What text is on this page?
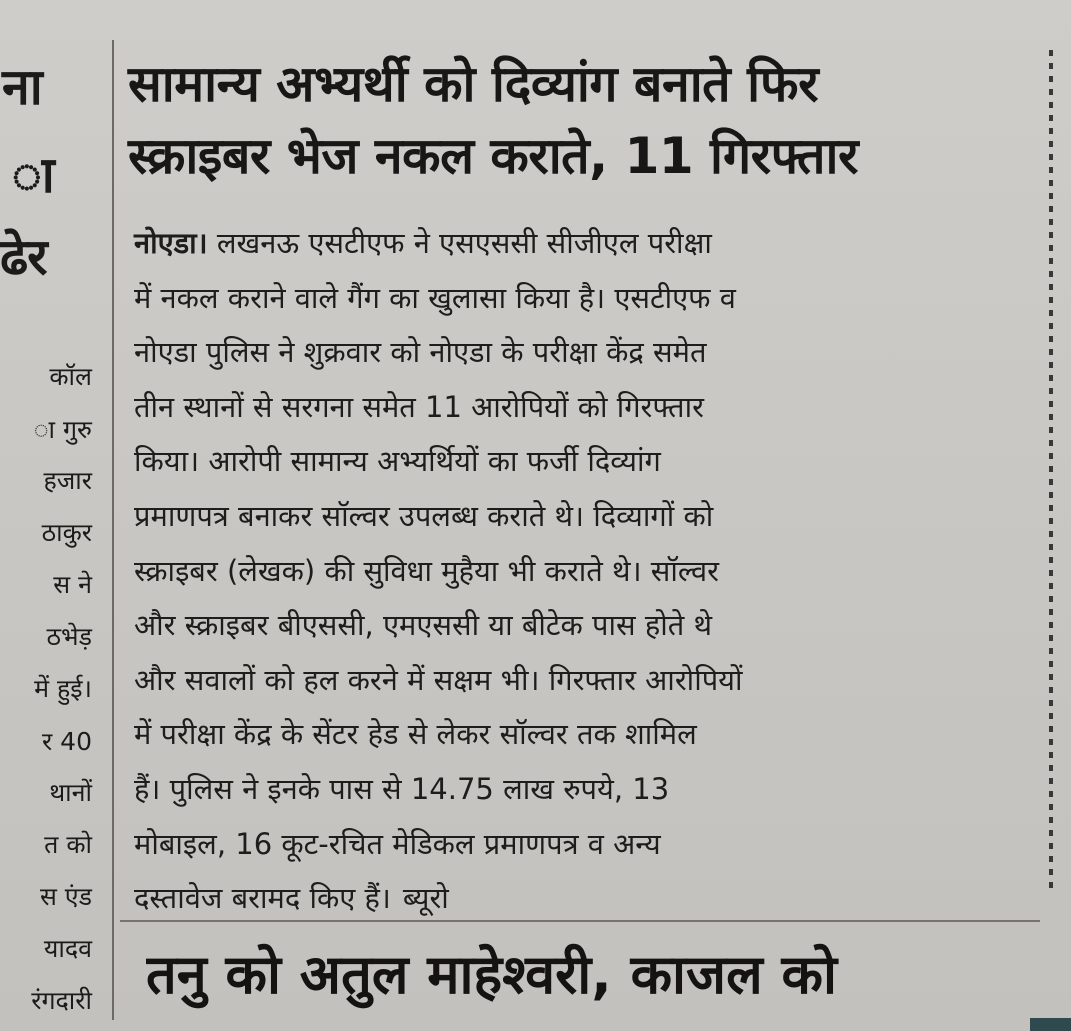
ना
ा
ढेर
कॉल
ा गुरु
हजार
ठाकुर
स ने
ठभेड़
में हुई।
र 40
थानों
त को
स एंड
यादव
रंगदारी
सामान्य अभ्यर्थी को दिव्यांग बनाते फिर
स्क्राइबर भेज नकल कराते, 11 गिरफ्तार
नोएडा। लखनऊ एसटीएफ ने एसएससी सीजीएल परीक्षा
में नकल कराने वाले गैंग का खुलासा किया है। एसटीएफ व
नोएडा पुलिस ने शुक्रवार को नोएडा के परीक्षा केंद्र समेत
तीन स्थानों से सरगना समेत 11 आरोपियों को गिरफ्तार
किया। आरोपी सामान्य अभ्यर्थियों का फर्जी दिव्यांग
प्रमाणपत्र बनाकर सॉल्वर उपलब्ध कराते थे। दिव्यागों को
स्क्राइबर (लेखक) की सुविधा मुहैया भी कराते थे। सॉल्वर
और स्क्राइबर बीएससी, एमएससी या बीटेक पास होते थे
और सवालों को हल करने में सक्षम भी। गिरफ्तार आरोपियों
में परीक्षा केंद्र के सेंटर हेड से लेकर सॉल्वर तक शामिल
हैं। पुलिस ने इनके पास से 14.75 लाख रुपये, 13
मोबाइल, 16 कूट-रचित मेडिकल प्रमाणपत्र व अन्य
दस्तावेज बरामद किए हैं। ब्यूरो
तनु को अतुल माहेश्वरी, काजल को
